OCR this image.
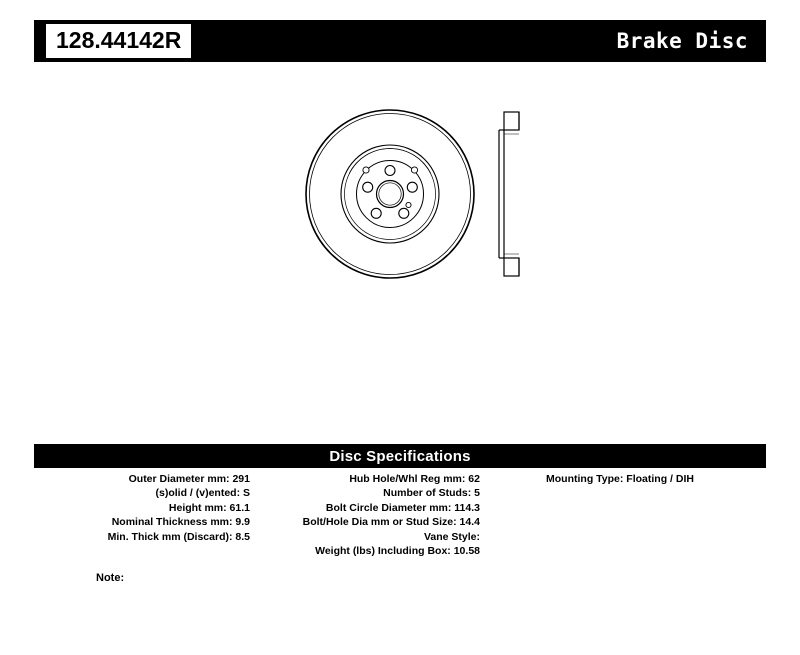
128.44142R	Brake Disc
Disc Specifications
Outer Diameter mm: 291
(s)olid / (v)ented: S
Height mm: 61.1
Nominal Thickness mm: 9.9
Min. Thick mm (Discard): 8.5
Hub Hole/Whl Reg mm: 62
Number of Studs: 5
Bolt Circle Diameter mm: 114.3
Bolt/Hole Dia mm or Stud Size: 14.4
Vane Style:
Weight (lbs) Including Box: 10.58
Mounting Type: Floating / DIH
Note:
